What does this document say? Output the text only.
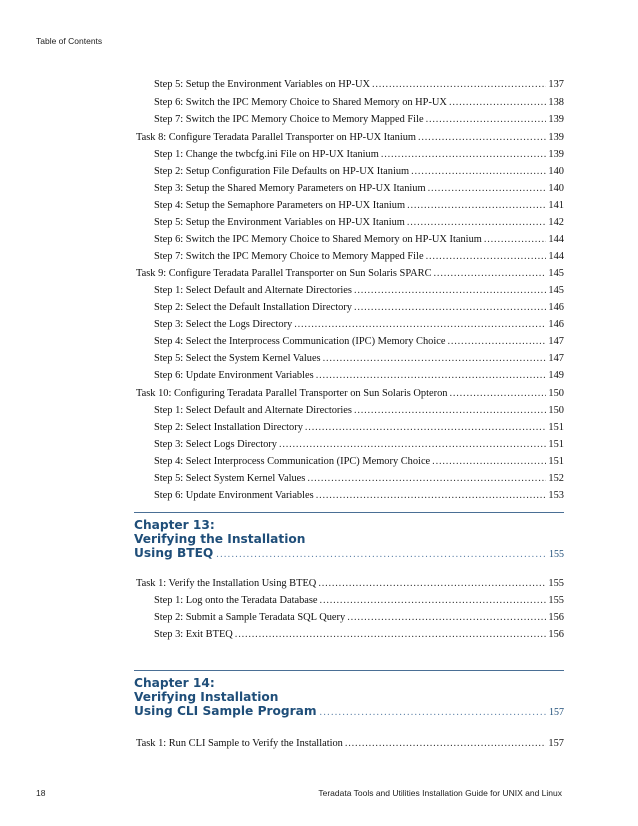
Table of Contents
Step 5: Setup the Environment Variables on HP-UX . . .	137
Step 6: Switch the IPC Memory Choice to Shared Memory on HP-UX . . .	138
Step 7: Switch the IPC Memory Choice to Memory Mapped File . . .	139
Task 8: Configure Teradata Parallel Transporter on HP-UX Itanium . . .	139
Step 1: Change the twbcfg.ini File on HP-UX Itanium . . .	139
Step 2: Setup Configuration File Defaults on HP-UX Itanium . . .	140
Step 3: Setup the Shared Memory Parameters on HP-UX Itanium . . .	140
Step 4: Setup the Semaphore Parameters on HP-UX Itanium . . .	141
Step 5: Setup the Environment Variables on HP-UX Itanium . . .	142
Step 6: Switch the IPC Memory Choice to Shared Memory on HP-UX Itanium . . .	144
Step 7: Switch the IPC Memory Choice to Memory Mapped File . . .	144
Task 9: Configure Teradata Parallel Transporter on Sun Solaris SPARC . . .	145
Step 1: Select Default and Alternate Directories . . .	145
Step 2: Select the Default Installation Directory . . .	146
Step 3: Select the Logs Directory . . .	146
Step 4: Select the Interprocess Communication (IPC) Memory Choice . . .	147
Step 5: Select the System Kernel Values . . .	147
Step 6: Update Environment Variables . . .	149
Task 10: Configuring Teradata Parallel Transporter on Sun Solaris Opteron . . .	150
Step 1: Select Default and Alternate Directories . . .	150
Step 2: Select Installation Directory . . .	151
Step 3: Select Logs Directory . . .	151
Step 4: Select Interprocess Communication (IPC) Memory Choice . . .	151
Step 5: Select System Kernel Values . . .	152
Step 6: Update Environment Variables . . .	153
Chapter 13:
Verifying the Installation
Using BTEQ . . .	155
Task 1: Verify the Installation Using BTEQ . . .	155
Step 1: Log onto the Teradata Database . . .	155
Step 2: Submit a Sample Teradata SQL Query . . .	156
Step 3: Exit BTEQ . . .	156
Chapter 14:
Verifying Installation
Using CLI Sample Program . . .	157
Task 1: Run CLI Sample to Verify the Installation . . .	157
18	Teradata Tools and Utilities Installation Guide for UNIX and Linux
